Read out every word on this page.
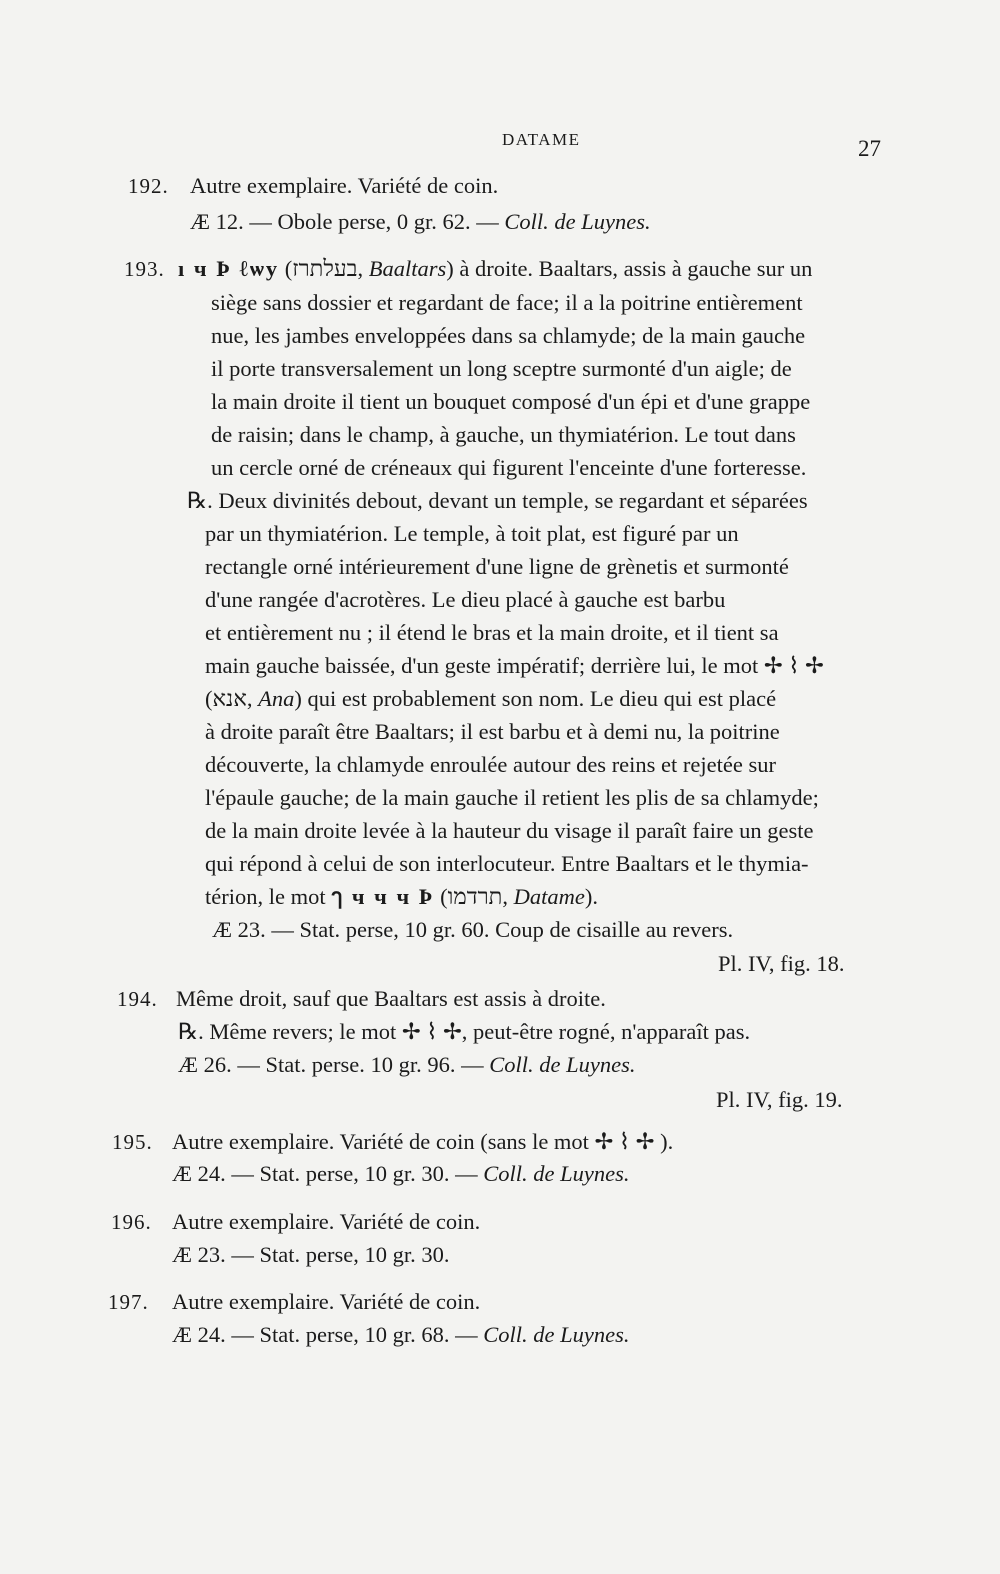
DATAME	27
192. Autre exemplaire. Variété de coin.
Æ 12. — Obole perse, 0 gr. 62. — Coll. de Luynes.
193. ı ч Ϸ ℓѡу (בעלתרז, Baaltars) à droite. Baaltars, assis à gauche sur un
siège sans dossier et regardant de face; il a la poitrine entièrement
nue, les jambes enveloppées dans sa chlamyde; de la main gauche
il porte transversalement un long sceptre surmonté d'un aigle; de
la main droite il tient un bouquet composé d'un épi et d'une grappe
de raisin; dans le champ, à gauche, un thymiatérion. Le tout dans
un cercle orné de créneaux qui figurent l'enceinte d'une forteresse.
℞. Deux divinités debout, devant un temple, se regardant et séparées
par un thymiatérion. Le temple, à toit plat, est figuré par un
rectangle orné intérieurement d'une ligne de grènetis et surmonté
d'une rangée d'acrotères. Le dieu placé à gauche est barbu
et entièrement nu ; il étend le bras et la main droite, et il tient sa
main gauche baissée, d'un geste impératif; derrière lui, le mot ✢ ⌇ ✢
(אנא, Ana) qui est probablement son nom. Le dieu qui est placé
à droite paraît être Baaltars; il est barbu et à demi nu, la poitrine
découverte, la chlamyde enroulée autour des reins et rejetée sur
l'épaule gauche; de la main gauche il retient les plis de sa chlamyde;
de la main droite levée à la hauteur du visage il paraît faire un geste
qui répond à celui de son interlocuteur. Entre Baaltars et le thymia-
térion, le mot ๅ ч ч ч Ϸ (תרדמו, Datame).
Æ 23. — Stat. perse, 10 gr. 60. Coup de cisaille au revers.
Pl. IV, fig. 18.
194. Même droit, sauf que Baaltars est assis à droite.
℞. Même revers; le mot ✢ ⌇ ✢, peut-être rogné, n'apparaît pas.
Æ 26. — Stat. perse. 10 gr. 96. — Coll. de Luynes.
Pl. IV, fig. 19.
195. Autre exemplaire. Variété de coin (sans le mot ✢ ⌇ ✢ ).
Æ 24. — Stat. perse, 10 gr. 30. — Coll. de Luynes.
196. Autre exemplaire. Variété de coin.
Æ 23. — Stat. perse, 10 gr. 30.
197. Autre exemplaire. Variété de coin.
Æ 24. — Stat. perse, 10 gr. 68. — Coll. de Luynes.
